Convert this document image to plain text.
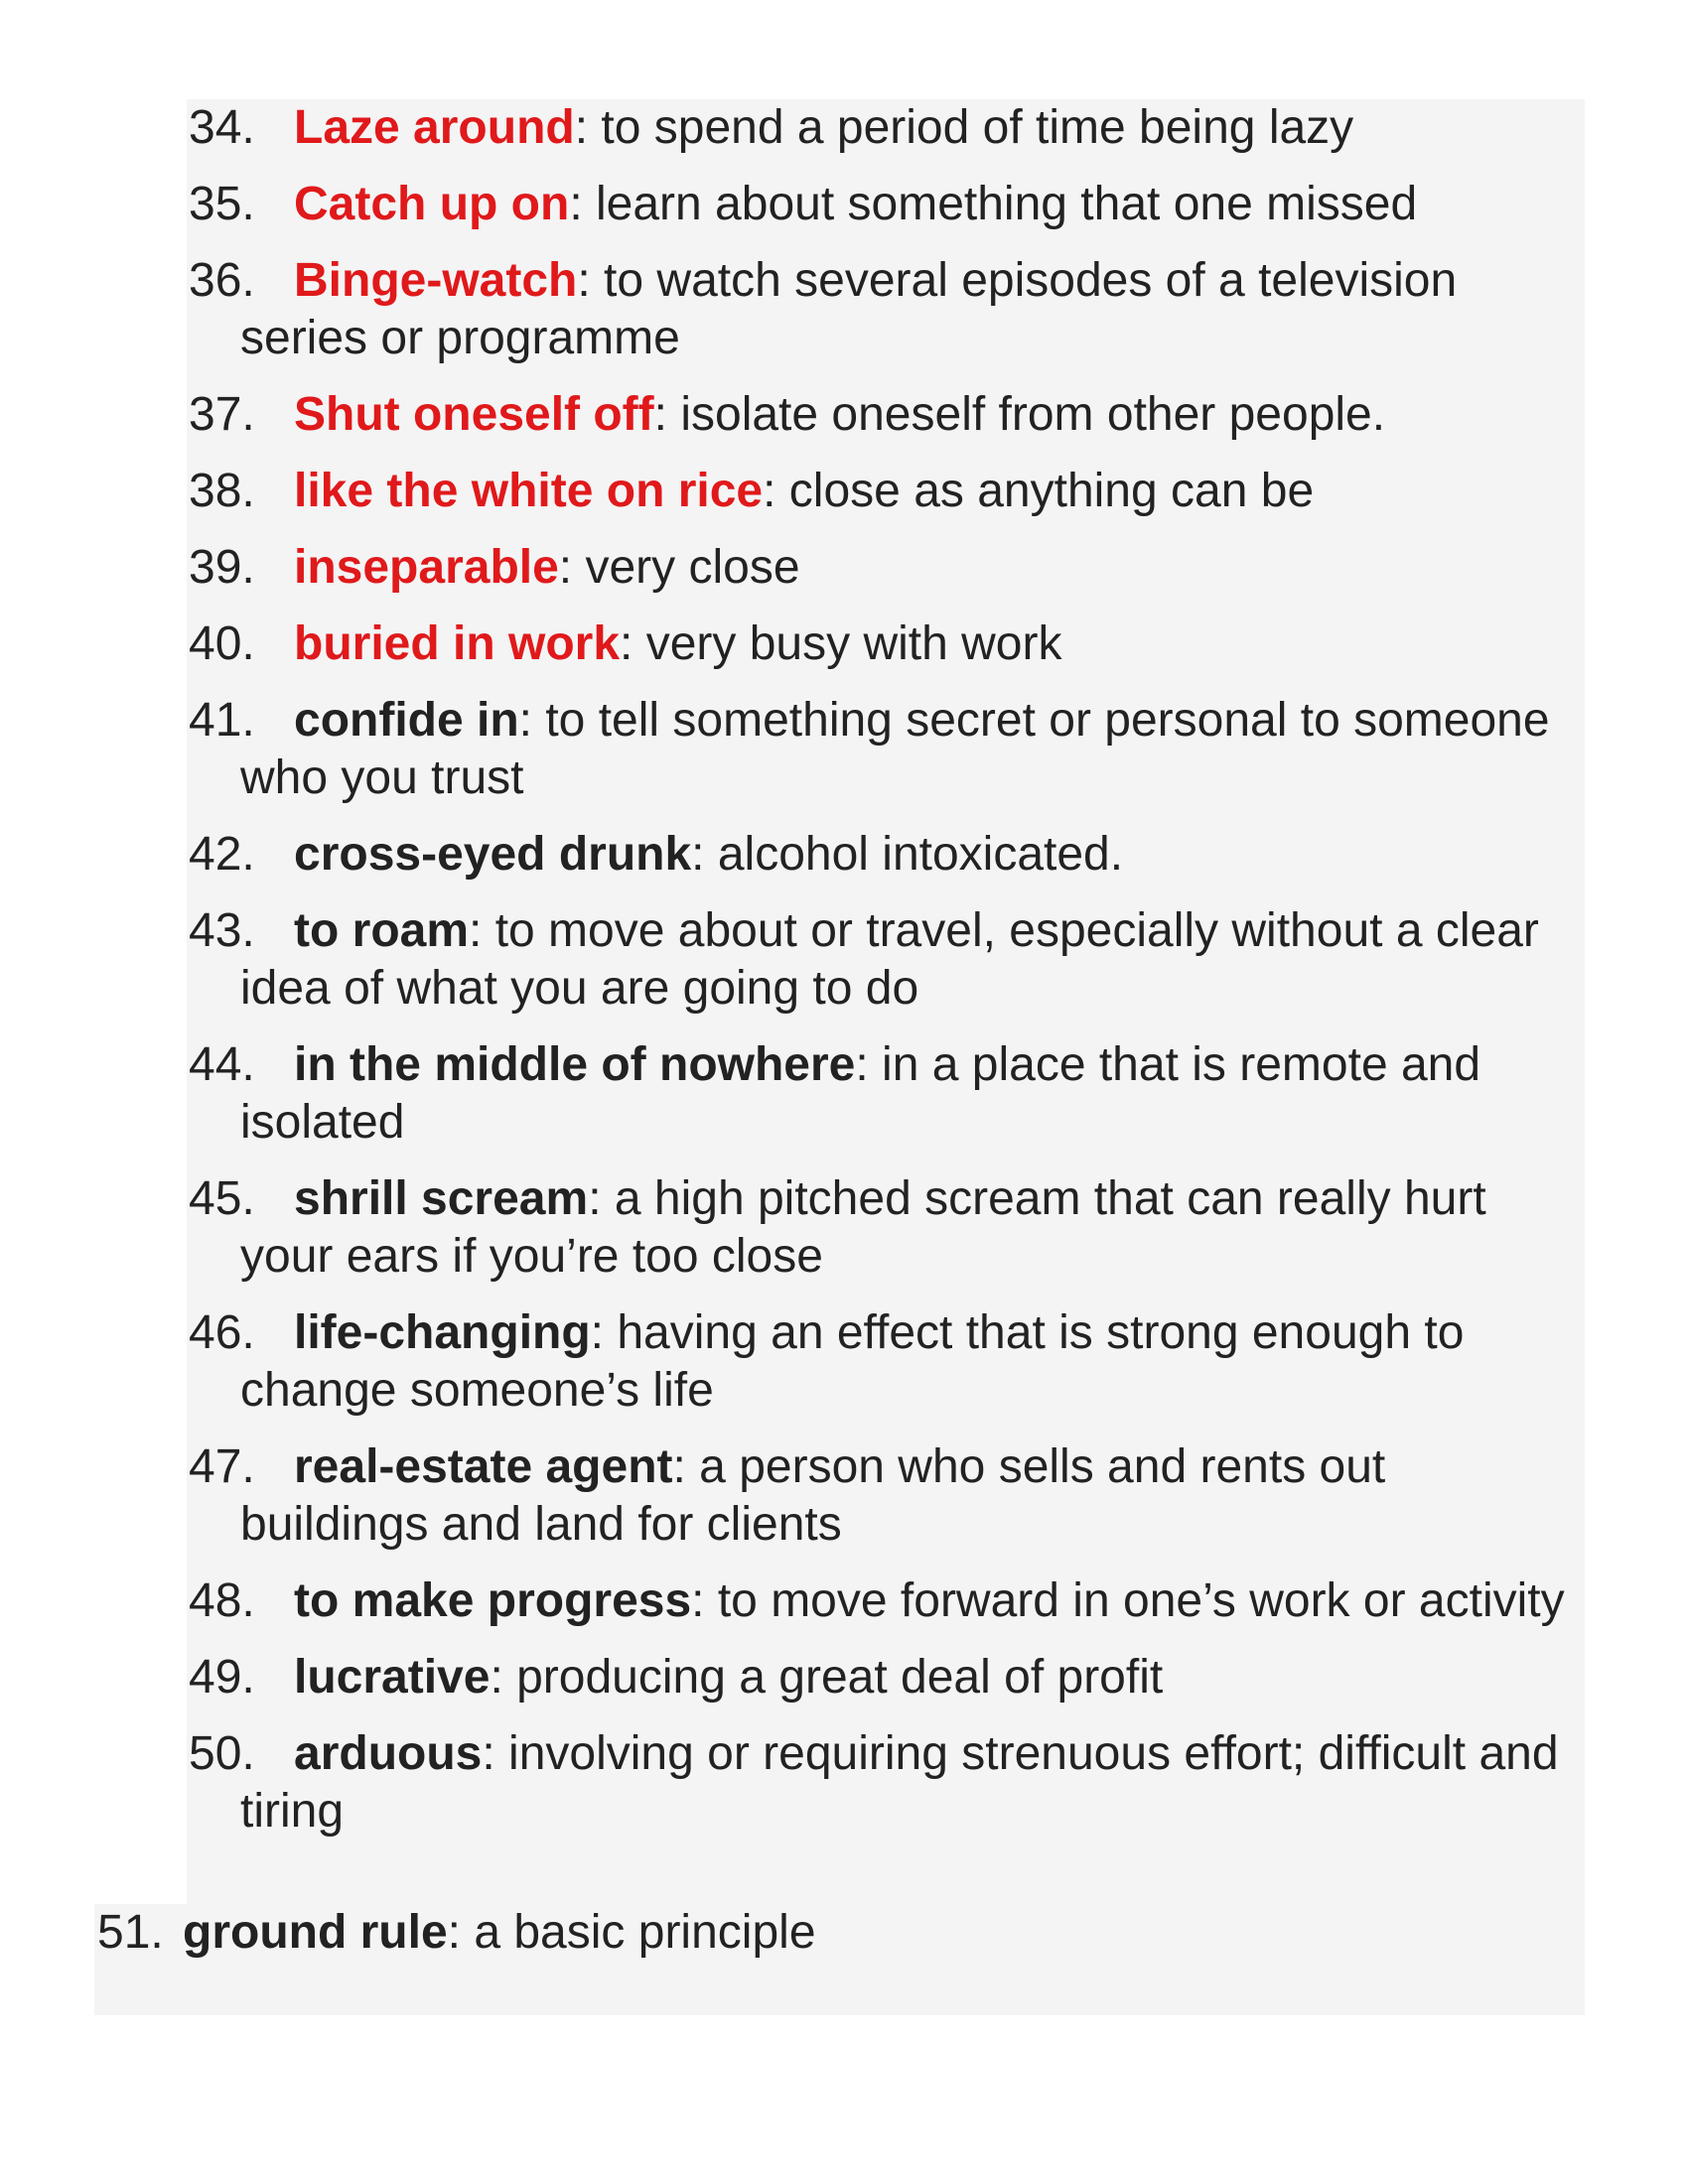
34. Laze around: to spend a period of time being lazy
35. Catch up on: learn about something that one missed
36. Binge-watch: to watch several episodes of a television series or programme
37. Shut oneself off: isolate oneself from other people.
38. like the white on rice: close as anything can be
39. inseparable: very close
40. buried in work: very busy with work
41. confide in: to tell something secret or personal to someone who you trust
42. cross-eyed drunk: alcohol intoxicated.
43. to roam: to move about or travel, especially without a clear idea of what you are going to do
44. in the middle of nowhere: in a place that is remote and isolated
45. shrill scream: a high pitched scream that can really hurt your ears if you’re too close
46. life-changing: having an effect that is strong enough to change someone’s life
47. real-estate agent: a person who sells and rents out buildings and land for clients
48. to make progress: to move forward in one’s work or activity
49. lucrative: producing a great deal of profit
50. arduous: involving or requiring strenuous effort; difficult and tiring
51. ground rule: a basic principle
